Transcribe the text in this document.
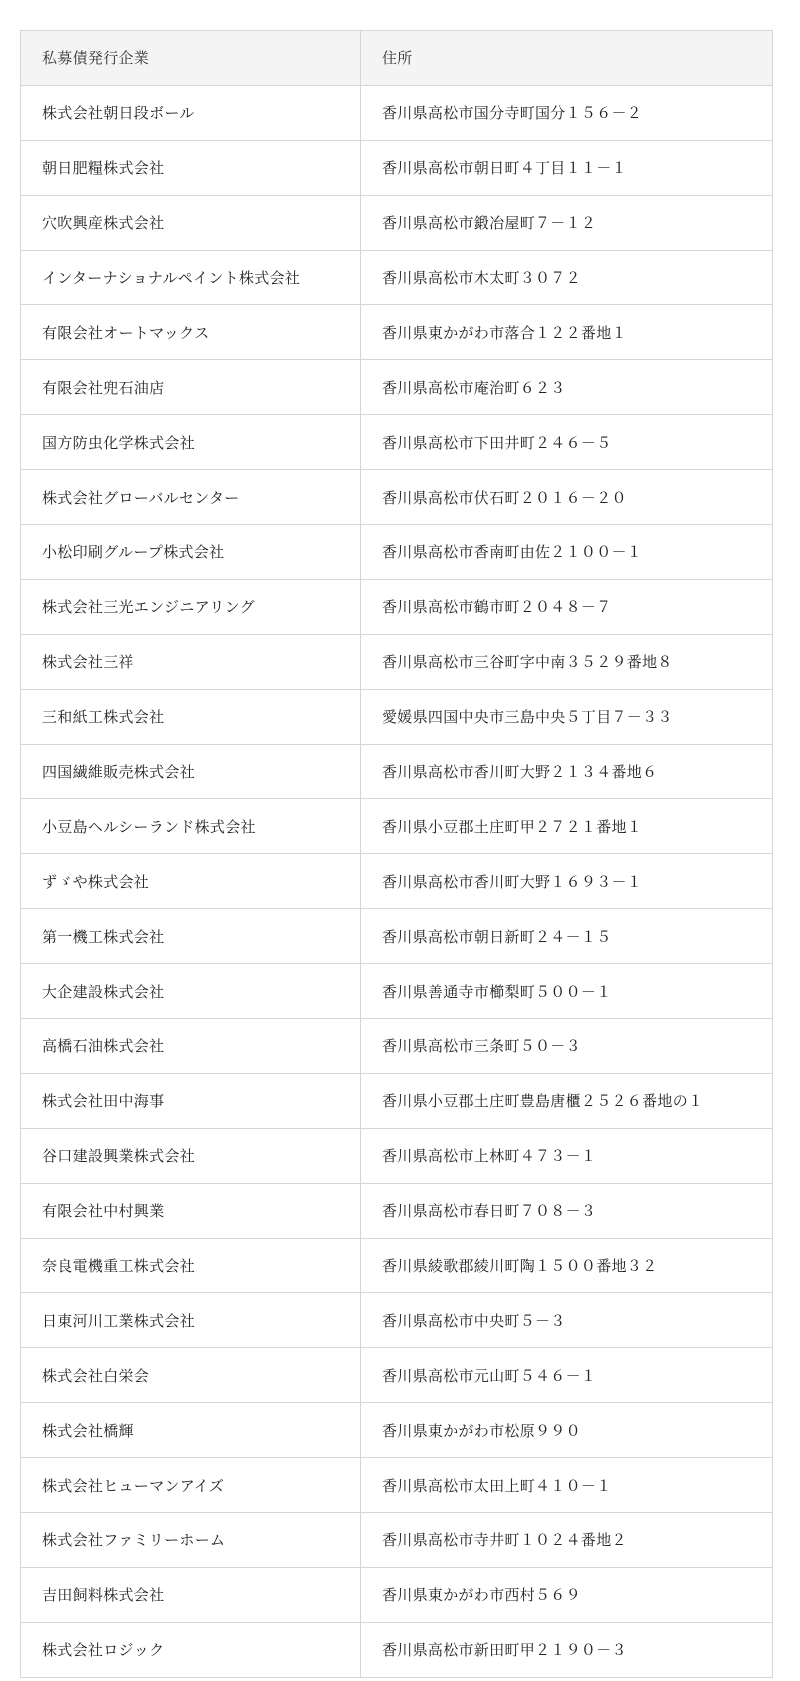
私募債発行企業	住所
株式会社朝日段ボール	香川県高松市国分寺町国分１５６－２
朝日肥糧株式会社	香川県高松市朝日町４丁目１１－１
穴吹興産株式会社	香川県高松市鍛冶屋町７－１２
インターナショナルペイント株式会社	香川県高松市木太町３０７２
有限会社オートマックス	香川県東かがわ市落合１２２番地１
有限会社兜石油店	香川県高松市庵治町６２３
国方防虫化学株式会社	香川県高松市下田井町２４６－５
株式会社グローバルセンター	香川県高松市伏石町２０１６－２０
小松印刷グループ株式会社	香川県高松市香南町由佐２１００－１
株式会社三光エンジニアリング	香川県高松市鶴市町２０４８－７
株式会社三祥	香川県高松市三谷町字中南３５２９番地８
三和紙工株式会社	愛媛県四国中央市三島中央５丁目７－３３
四国繊維販売株式会社	香川県高松市香川町大野２１３４番地６
小豆島ヘルシーランド株式会社	香川県小豆郡土庄町甲２７２１番地１
ずゞや株式会社	香川県高松市香川町大野１６９３－１
第一機工株式会社	香川県高松市朝日新町２４－１５
大企建設株式会社	香川県善通寺市櫛梨町５００－１
高橋石油株式会社	香川県高松市三条町５０－３
株式会社田中海事	香川県小豆郡土庄町豊島唐櫃２５２６番地の１
谷口建設興業株式会社	香川県高松市上林町４７３－１
有限会社中村興業	香川県高松市春日町７０８－３
奈良電機重工株式会社	香川県綾歌郡綾川町陶１５００番地３２
日東河川工業株式会社	香川県高松市中央町５－３
株式会社白栄会	香川県高松市元山町５４６－１
株式会社橋輝	香川県東かがわ市松原９９０
株式会社ヒューマンアイズ	香川県高松市太田上町４１０－１
株式会社ファミリーホーム	香川県高松市寺井町１０２４番地２
吉田飼料株式会社	香川県東かがわ市西村５６９
株式会社ロジック	香川県高松市新田町甲２１９０－３
